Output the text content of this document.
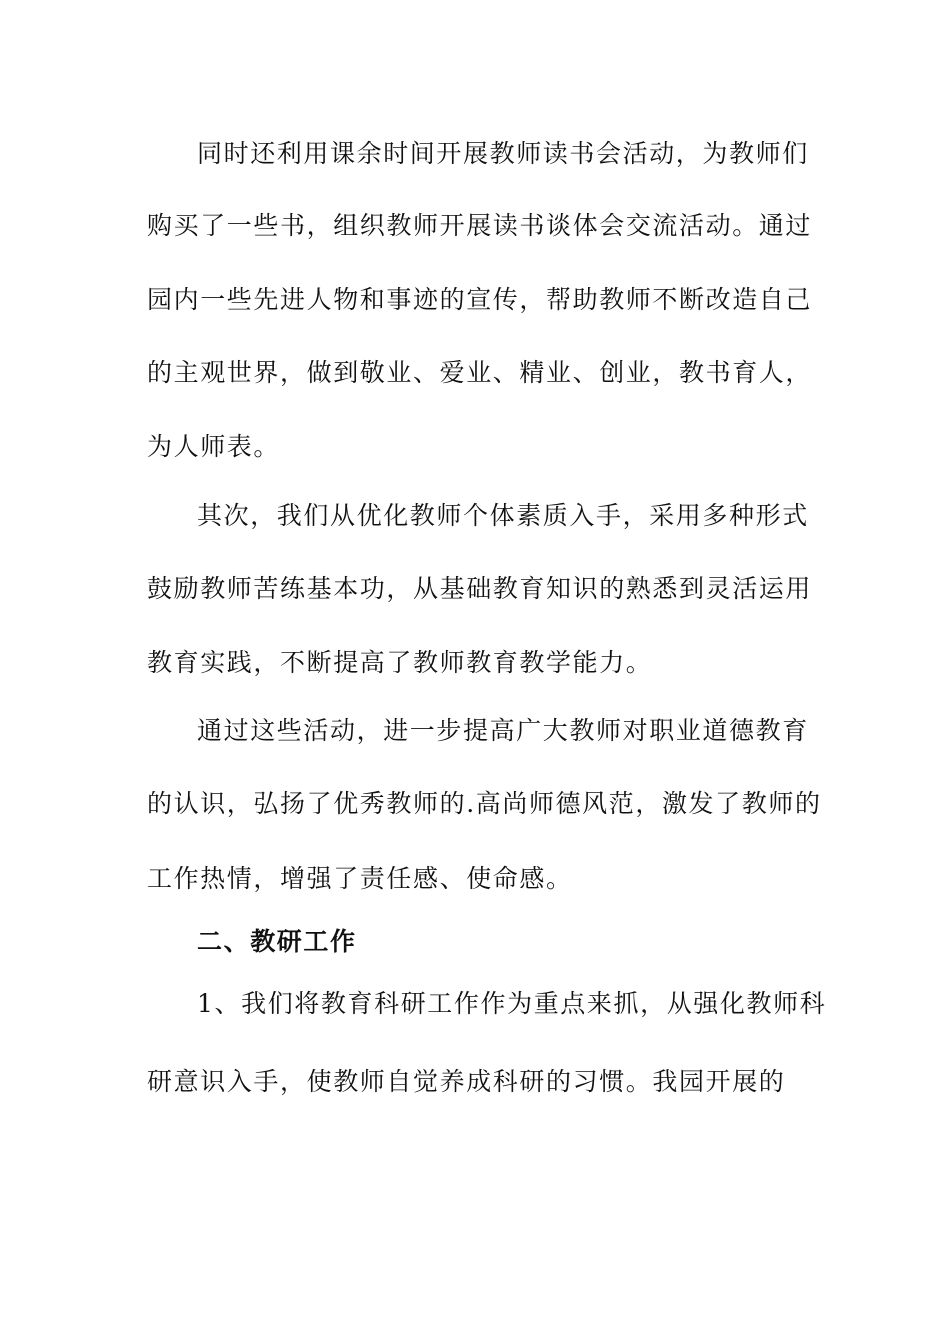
同时还利用课余时间开展教师读书会活动，为教师们
购买了一些书，组织教师开展读书谈体会交流活动。通过
园内一些先进人物和事迹的宣传，帮助教师不断改造自己
的主观世界，做到敬业、爱业、精业、创业，教书育人，
为人师表。
其次，我们从优化教师个体素质入手，采用多种形式
鼓励教师苦练基本功，从基础教育知识的熟悉到灵活运用
教育实践，不断提高了教师教育教学能力。
通过这些活动，进一步提高广大教师对职业道德教育
的认识，弘扬了优秀教师的.高尚师德风范，激发了教师的
工作热情，增强了责任感、使命感。
二、教研工作
1、我们将教育科研工作作为重点来抓，从强化教师科
研意识入手，使教师自觉养成科研的习惯。我园开展的
